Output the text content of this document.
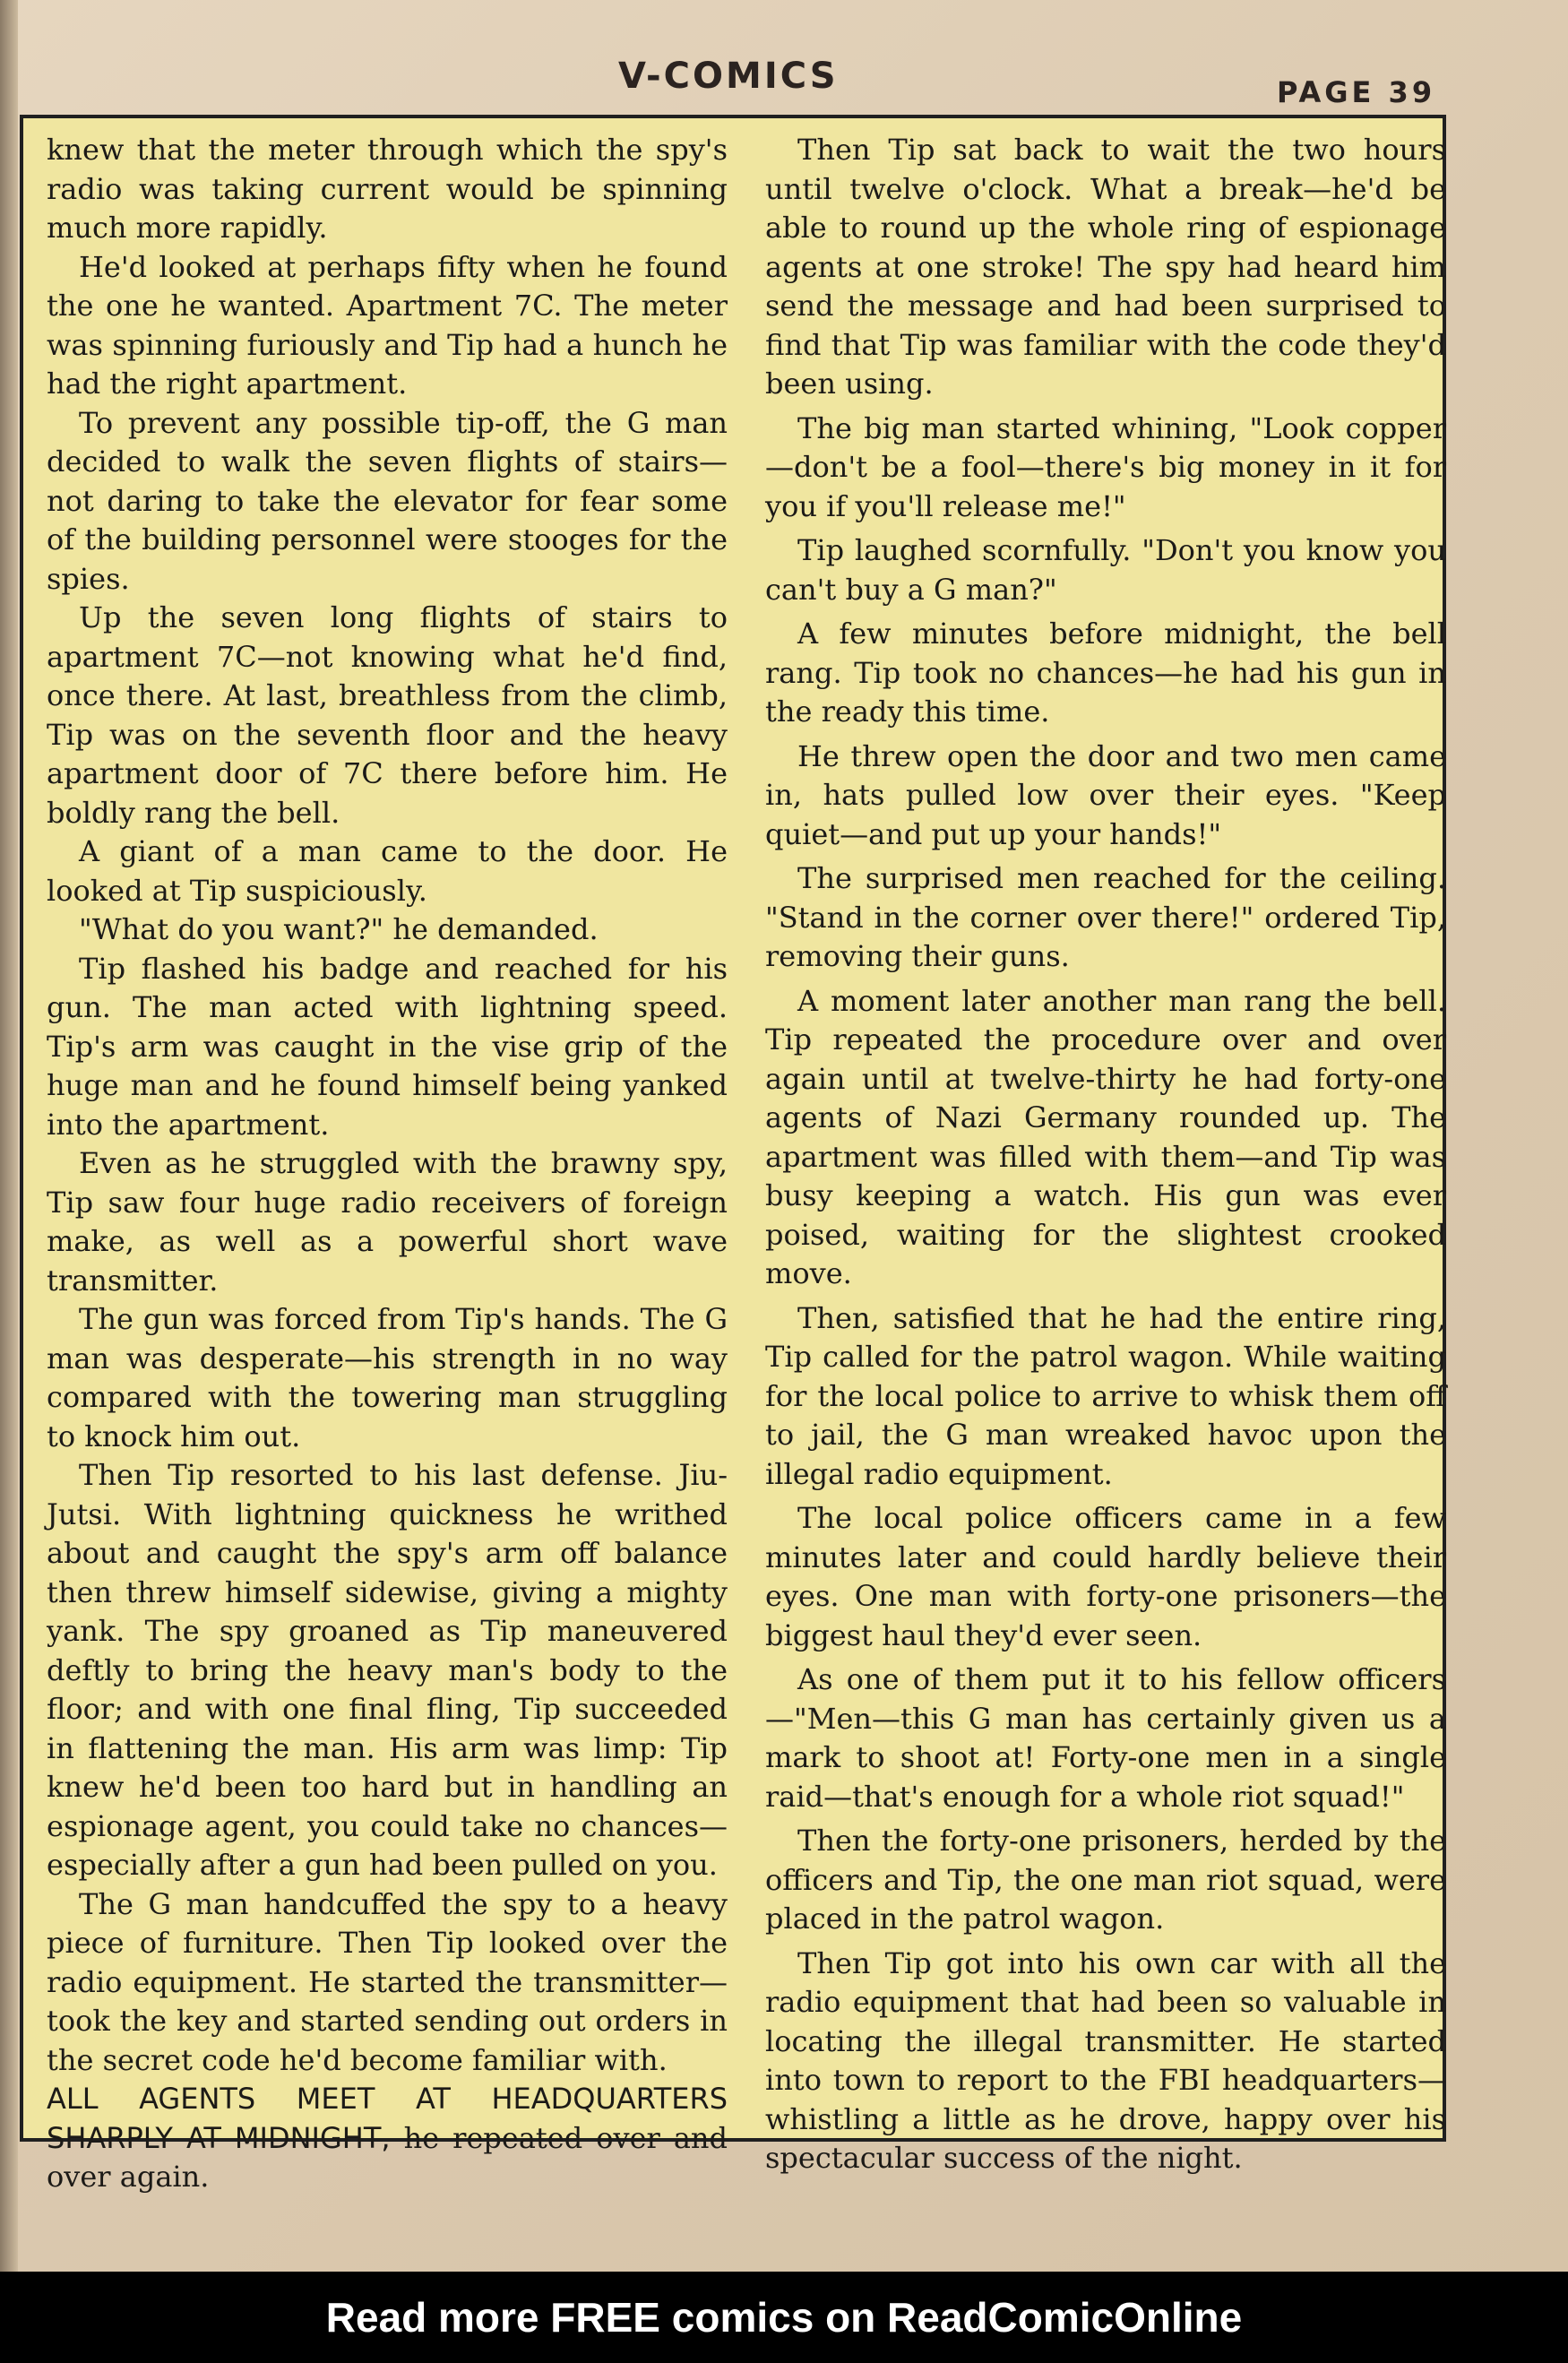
V-COMICS	PAGE 39

knew that the meter through which the spy's radio was taking current would be spinning much more rapidly.

He'd looked at perhaps fifty when he found the one he wanted. Apartment 7C. The meter was spinning furiously and Tip had a hunch he had the right apartment.

To prevent any possible tip-off, the G man decided to walk the seven flights of stairs—not daring to take the elevator for fear some of the building personnel were stooges for the spies.

Up the seven long flights of stairs to apartment 7C—not knowing what he'd find, once there. At last, breathless from the climb, Tip was on the seventh floor and the heavy apartment door of 7C there before him. He boldly rang the bell.

A giant of a man came to the door. He looked at Tip suspiciously.

"What do you want?" he demanded.

Tip flashed his badge and reached for his gun. The man acted with lightning speed. Tip's arm was caught in the vise grip of the huge man and he found himself being yanked into the apartment.

Even as he struggled with the brawny spy, Tip saw four huge radio receivers of foreign make, as well as a powerful short wave transmitter.

The gun was forced from Tip's hands. The G man was desperate—his strength in no way compared with the towering man struggling to knock him out.

Then Tip resorted to his last defense. Jiu-Jutsi. With lightning quickness he writhed about and caught the spy's arm off balance then threw himself sidewise, giving a mighty yank. The spy groaned as Tip maneuvered deftly to bring the heavy man's body to the floor; and with one final fling, Tip succeeded in flattening the man. His arm was limp: Tip knew he'd been too hard but in handling an espionage agent, you could take no chances—especially after a gun had been pulled on you.

The G man handcuffed the spy to a heavy piece of furniture. Then Tip looked over the radio equipment. He started the transmitter—took the key and started sending out orders in the secret code he'd become familiar with.

ALL AGENTS MEET AT HEADQUARTERS SHARPLY AT MIDNIGHT, he repeated over and over again.

Then Tip sat back to wait the two hours until twelve o'clock. What a break—he'd be able to round up the whole ring of espionage agents at one stroke! The spy had heard him send the message and had been surprised to find that Tip was familiar with the code they'd been using.

The big man started whining, "Look copper—don't be a fool—there's big money in it for you if you'll release me!"

Tip laughed scornfully. "Don't you know you can't buy a G man?"

A few minutes before midnight, the bell rang. Tip took no chances—he had his gun in the ready this time.

He threw open the door and two men came in, hats pulled low over their eyes. "Keep quiet—and put up your hands!"

The surprised men reached for the ceiling. "Stand in the corner over there!" ordered Tip, removing their guns.

A moment later another man rang the bell. Tip repeated the procedure over and over again until at twelve-thirty he had forty-one agents of Nazi Germany rounded up. The apartment was filled with them—and Tip was busy keeping a watch. His gun was ever poised, waiting for the slightest crooked move.

Then, satisfied that he had the entire ring, Tip called for the patrol wagon. While waiting for the local police to arrive to whisk them off to jail, the G man wreaked havoc upon the illegal radio equipment.

The local police officers came in a few minutes later and could hardly believe their eyes. One man with forty-one prisoners—the biggest haul they'd ever seen.

As one of them put it to his fellow officers—"Men—this G man has certainly given us a mark to shoot at! Forty-one men in a single raid—that's enough for a whole riot squad!"

Then the forty-one prisoners, herded by the officers and Tip, the one man riot squad, were placed in the patrol wagon.

Then Tip got into his own car with all the radio equipment that had been so valuable in locating the illegal transmitter. He started into town to report to the FBI headquarters—whistling a little as he drove, happy over his spectacular success of the night.

Read more FREE comics on ReadComicOnline
